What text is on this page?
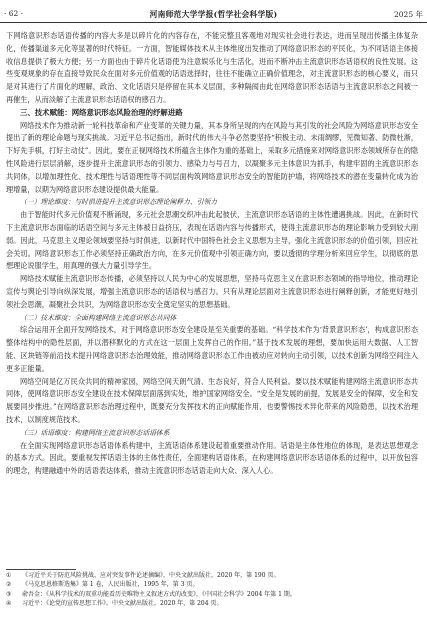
· 62 ·	河南师范大学学报(哲学社会科学版)	2025 年

下网络意识形态话语传播的内容大多是以碎片化的内容存在，不能完整且客观地对现实社会进行表达，进而呈现出传播主体复杂化，传播渠道多元化等显著的时代特征。一方面，智能媒体技术从主体维度出发推动了网络意识形态的平民化，为不同话语主体接收信息提供了极大方便；另一方面也由于碎片化话语使为注意娱乐化与生活化，进而不断冲击主流意识形态话语权的良性发展。这些变观规象的存在直接导致民众在面对多元价值观的话语选择时，往往不能确立正确价值理念，对主流意识形态的核心要义，而只是对其进行了片面化的理解，政治、文化话语只是停留在其本义层面，多种隔阂由此在网络意识形态话语与主流意识形态之间被一再催生，从而淡解了主流意识形态话语权的感召力。

三、技术赋能：网络意识形态风险治理的纾解进路

网络技术作为推动新一轮科技革命和产业变革的关键力量，其本身所呈现的内在风险与其引发的社会风险为网络意识形态安全提出了新的理论命题与现实挑战。习近平总书记指出，新时代的伟大斗争必然要坚持“积极主动、未雨绸缪，见微知著、防微杜渐，下好先手棋，打好主动仗”。因此，要在正视网络技术所蕴含主体作为重的基础上，采取多元措施来对网络意识形态领域所存在的隐性风险进行层层消解，逐步提升主流意识形态的引领力、感染力与号召力，以凝聚多元主体意识为抓手，构建牢固的主流意识形态共同体，以增加理性化、技术理性与话语理性等不同层面构筑网络意识形态安全的智能防护墙，将网络技术的潜在变量转化成为治理增量，以期为网络意识形态建设提供最大能量。

（一）理论维度：与时俱进提升主流意识形态理论阐释力、引领力

由于智能时代多元价值观不断涌现，多元社会思潮交织冲击此起彼伏，主流意识形态话语的主体性遭遇挑战。因此，在新时代下主流意识形态面临的话语空间与多元主体被日益挤压，表现在话语内容与传播形式，使得主流意识形态的理论影响力受到较大削弱。因此，马克思主义理论领域要坚持与时俱进，以新时代中国特色社会主义思想为主导，强化主流意识形态的价值引领，回应社会关切。网络意识形态工作必须坚持正确政治方向，在多元价值观中引领正确方向，要以透彻的学理分析来回应学生，以彻底的思想理论说服学生，用真理的强大力量引导学生。

网络技术赋能主流意识形态传播，必须坚持以人民为中心的发展思想，坚持马克思主义在意识形态领域的指导地位，推动理论宣传与舆论引导向纵深发展，增强主流意识形态的话语权与感召力。只有从理论层面对主流意识形态进行阐释创新，才能更好地引领社会思潮，凝聚社会共识，为网络意识形态安全奠定坚实的思想基础。

（二）技术维度：全面构建网络主流意识形态共同体

综合运用开全面开发网络技术，对于网络意识形态安全建设是至关重要的基础。“科学技术作为‘背景意识形态’，构成意识形态整体结构中的隐性层面，并以潜移默化的方式在这一层面上发挥自己的作用。”基于技术发展的理想，要加快运用大数据、人工智能、区块链等前沿技术提升网络意识形态治理效能，推动网络意识形态工作由被动应对转向主动引领，以技术创新为网络空间注入更多正能量。

网络空间是亿万民众共同的精神家园，网络空间天朗气清、生态良好，符合人民利益。要以技术赋能构建网络主流意识形态共同体，使网络意识形态安全建设在技术保障层面落到实处，维护国家网络安全。“安全是发展的前提，发展是安全的保障，安全和发展要同步推进。”在网络意识形态治理过程中，既要充分发挥技术的正向赋能作用，也要警惕技术异化带来的风险隐患，以技术治理技术，以制度规范技术。

（三）话语维度：构建网络主流意识形态话语体系

在全面实现网络意识形态话语体系构建中，主流话语体系建设起着重要推动作用。话语是主体性地位的体现，是表达思想观念的基本方式。因此，要重视发挥话语主体的主体性责任，全面建构话语体系，在构建网络意识形态话语体系的过程中，以开放包容的理念，构建融通中外的话语表达体系，推动主流意识形态话语走向大众、深入人心。

①	《习近平关于防范风险挑战、应对突发事件论述摘编》，中央文献出版社，2020 年，第 190 页。
②	《马克思恩格斯选集》第 1 卷，人民出版社，1995 年，第 3 页。
③	俞吾金：《从科学技术的双重功能看历史唯物主义叙述方式的改变》，《中国社会科学》2004 年第 1 期。
④	习近平：《论党的宣传思想工作》，中央文献出版社，2020 年，第 204 页。
